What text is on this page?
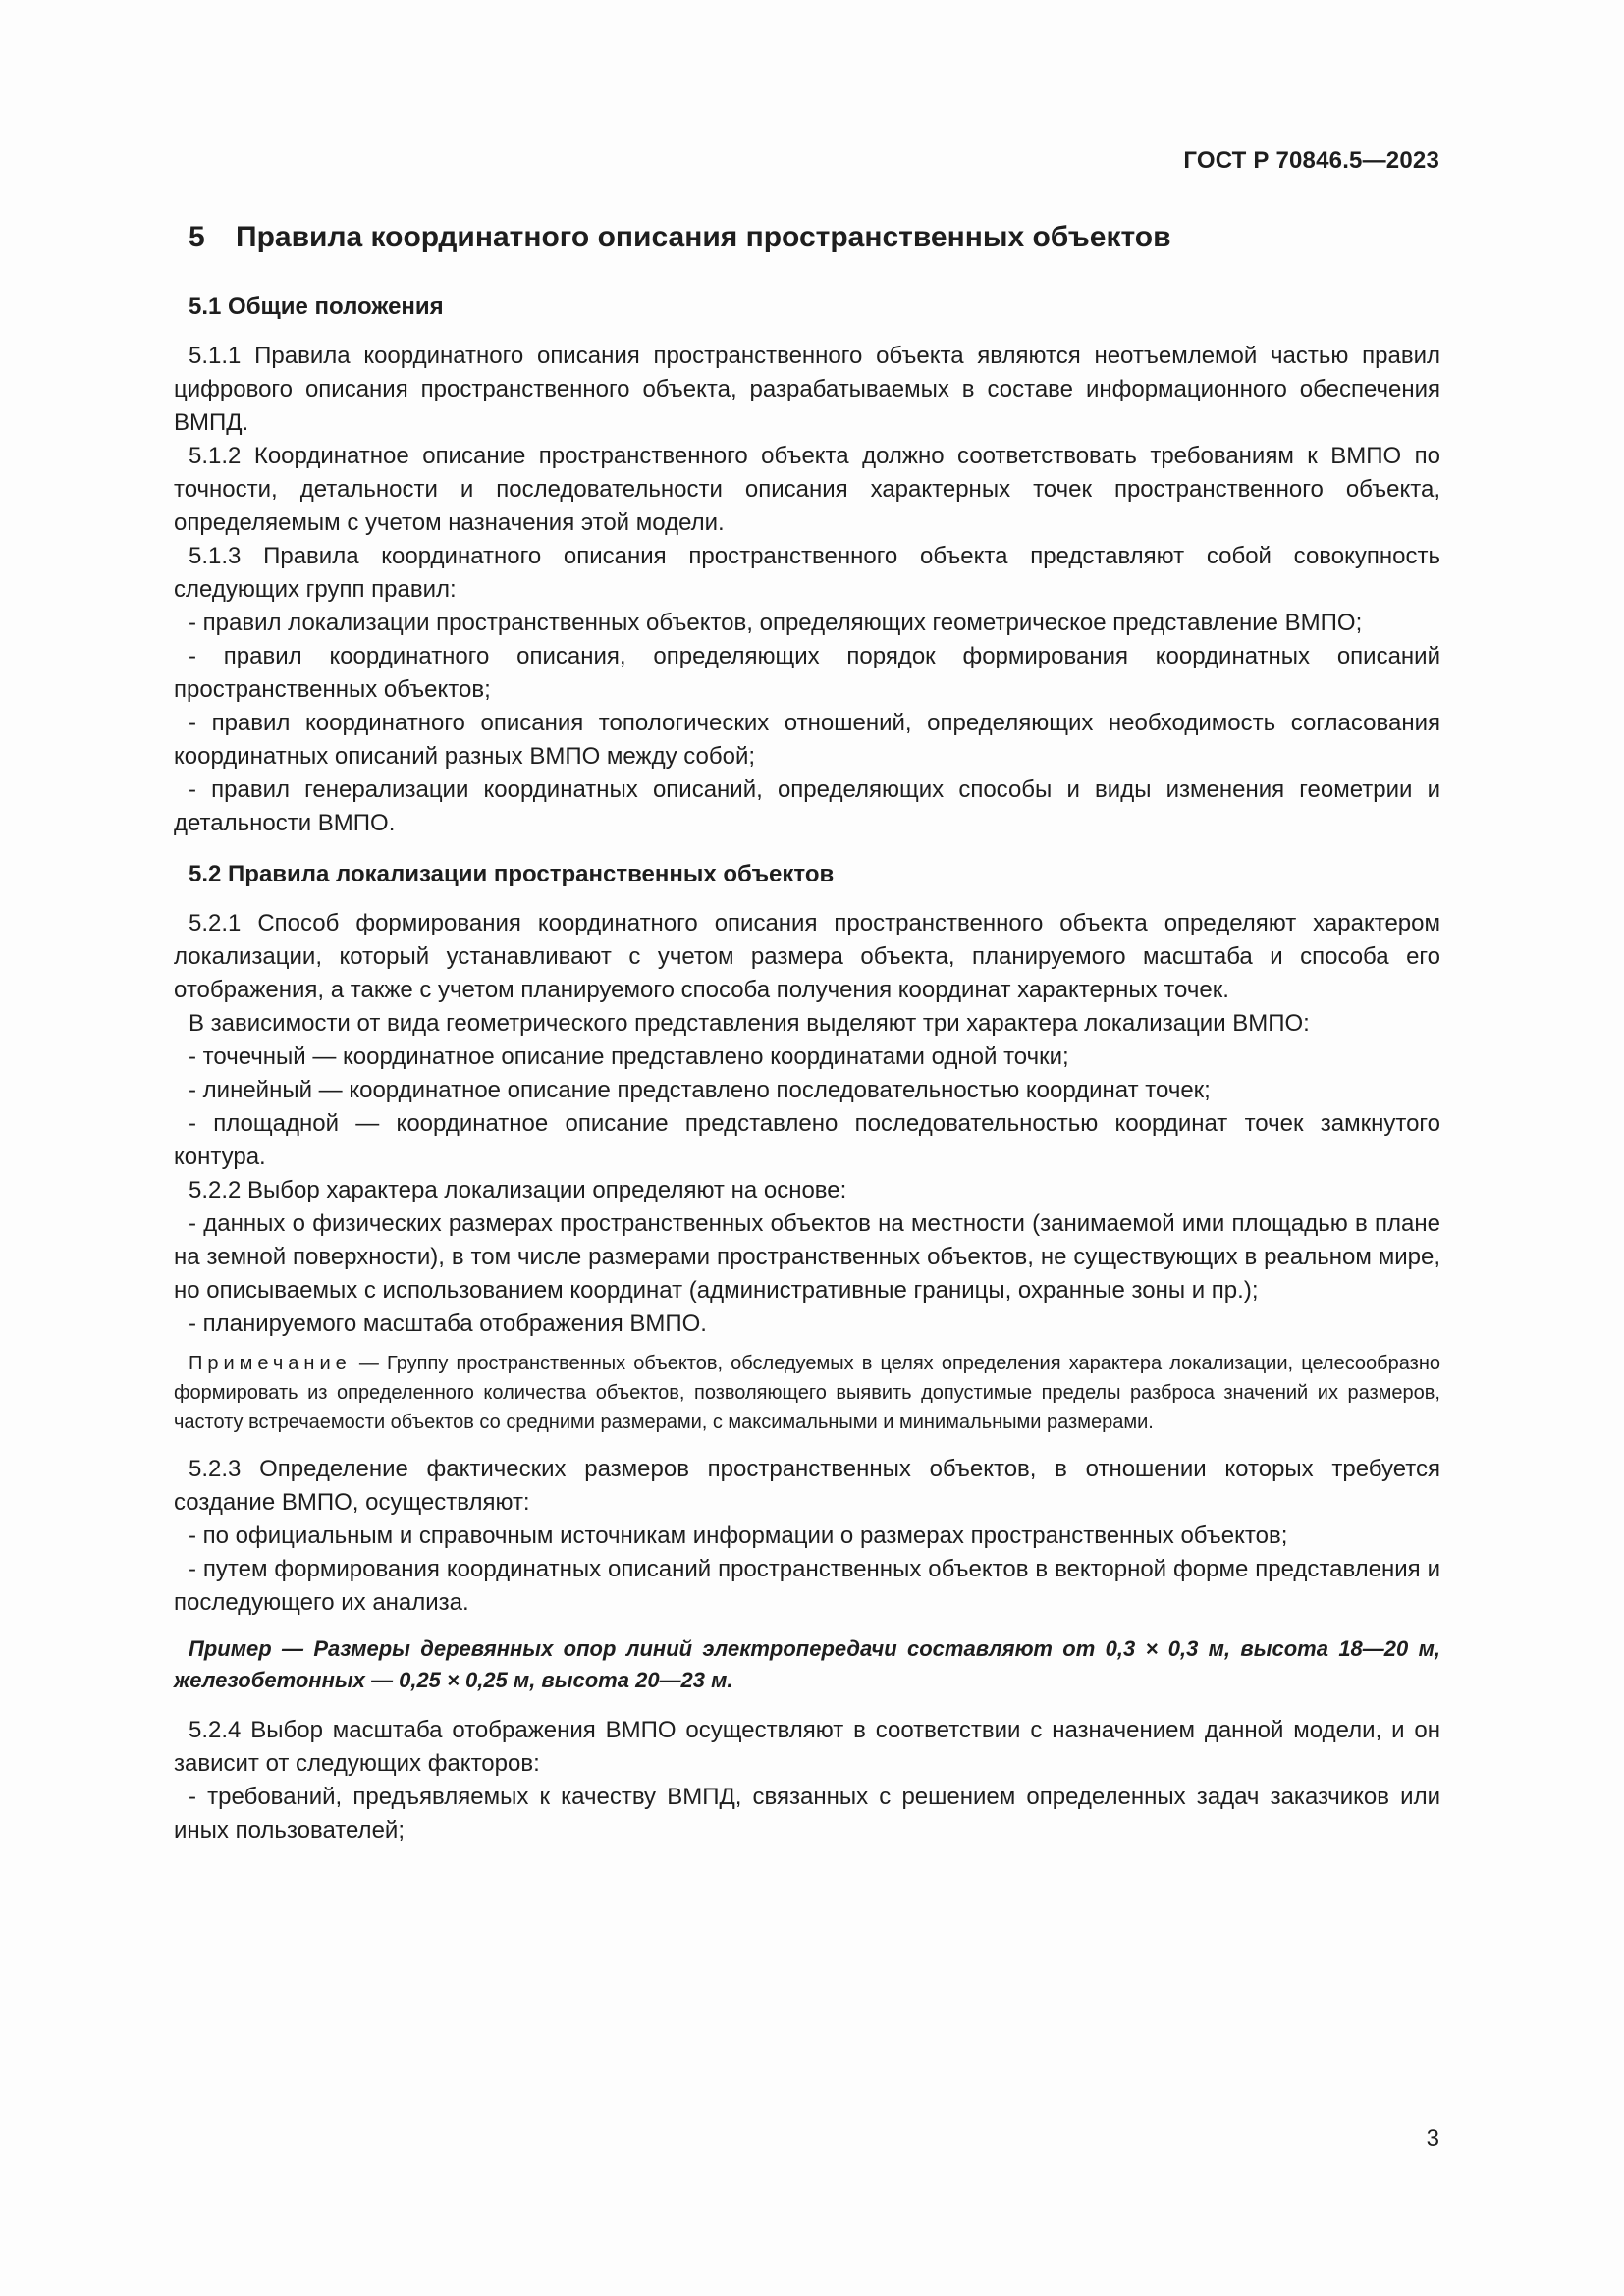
ГОСТ Р 70846.5—2023
5 Правила координатного описания пространственных объектов
5.1 Общие положения

5.1.1 Правила координатного описания пространственного объекта являются неотъемлемой частью правил цифрового описания пространственного объекта, разрабатываемых в составе информационного обеспечения ВМПД.

5.1.2 Координатное описание пространственного объекта должно соответствовать требованиям к ВМПО по точности, детальности и последовательности описания характерных точек пространственного объекта, определяемым с учетом назначения этой модели.

5.1.3 Правила координатного описания пространственного объекта представляют собой совокупность следующих групп правил:

- правил локализации пространственных объектов, определяющих геометрическое представление ВМПО;

- правил координатного описания, определяющих порядок формирования координатных описаний пространственных объектов;

- правил координатного описания топологических отношений, определяющих необходимость согласования координатных описаний разных ВМПО между собой;

- правил генерализации координатных описаний, определяющих способы и виды изменения геометрии и детальности ВМПО.

5.2 Правила локализации пространственных объектов

5.2.1 Способ формирования координатного описания пространственного объекта определяют характером локализации, который устанавливают с учетом размера объекта, планируемого масштаба и способа его отображения, а также с учетом планируемого способа получения координат характерных точек.

В зависимости от вида геометрического представления выделяют три характера локализации ВМПО:

- точечный — координатное описание представлено координатами одной точки;

- линейный — координатное описание представлено последовательностью координат точек;

- площадной — координатное описание представлено последовательностью координат точек замкнутого контура.

5.2.2 Выбор характера локализации определяют на основе:

- данных о физических размерах пространственных объектов на местности (занимаемой ими площадью в плане на земной поверхности), в том числе размерами пространственных объектов, не существующих в реальном мире, но описываемых с использованием координат (административные границы, охранные зоны и пр.);

- планируемого масштаба отображения ВМПО.

Примечание — Группу пространственных объектов, обследуемых в целях определения характера локализации, целесообразно формировать из определенного количества объектов, позволяющего выявить допустимые пределы разброса значений их размеров, частоту встречаемости объектов со средними размерами, с максимальными и минимальными размерами.

5.2.3 Определение фактических размеров пространственных объектов, в отношении которых требуется создание ВМПО, осуществляют:

- по официальным и справочным источникам информации о размерах пространственных объектов;

- путем формирования координатных описаний пространственных объектов в векторной форме представления и последующего их анализа.

Пример — Размеры деревянных опор линий электропередачи составляют от 0,3 × 0,3 м, высота 18—20 м, железобетонных — 0,25 × 0,25 м, высота 20—23 м.

5.2.4 Выбор масштаба отображения ВМПО осуществляют в соответствии с назначением данной модели, и он зависит от следующих факторов:

- требований, предъявляемых к качеству ВМПД, связанных с решением определенных задач заказчиков или иных пользователей;

3
